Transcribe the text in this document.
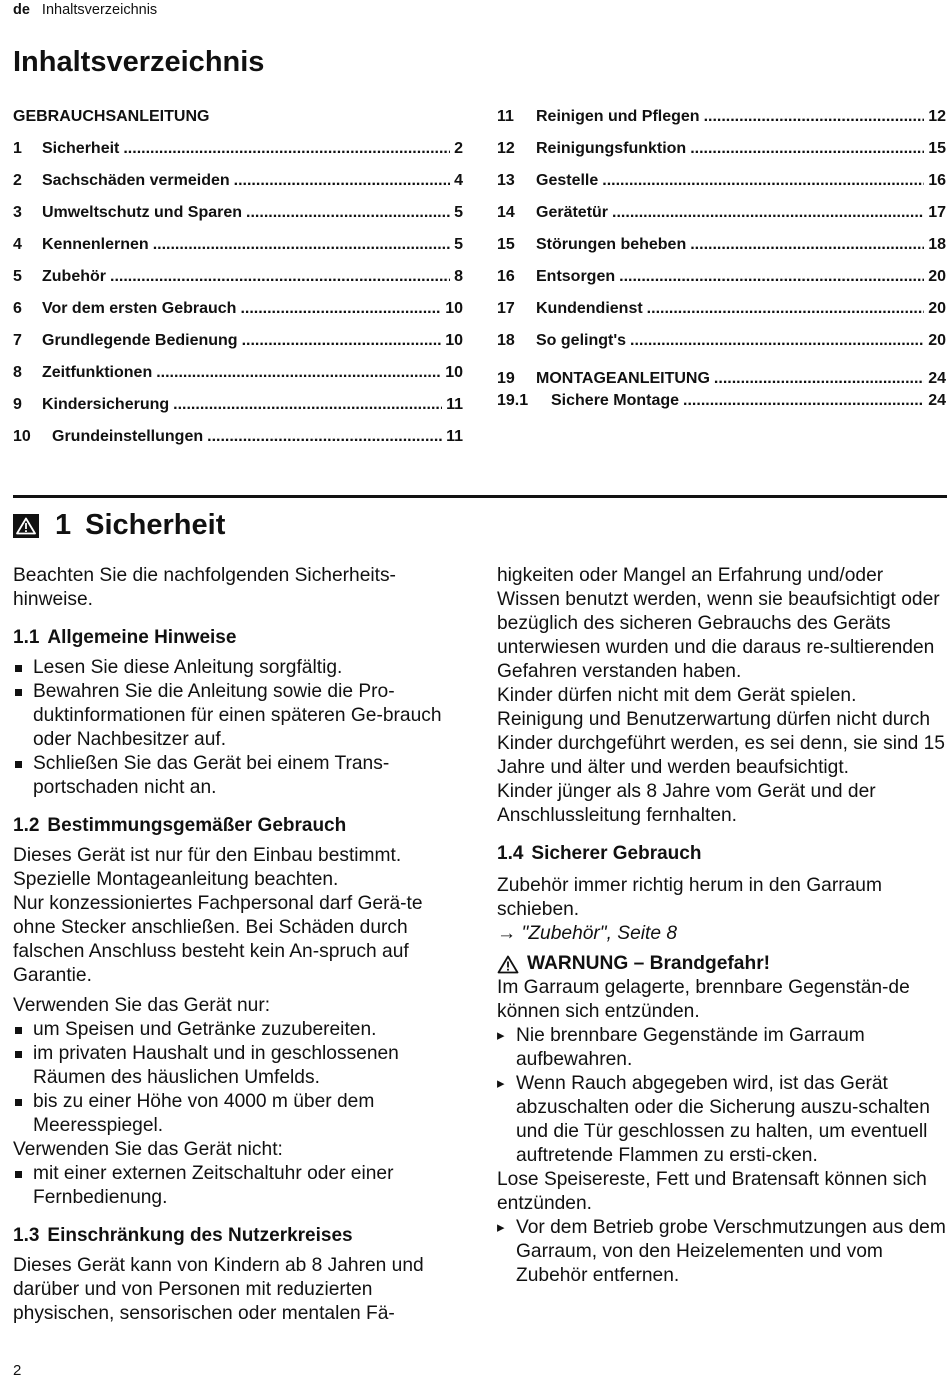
de Inhaltsverzeichnis
Inhaltsverzeichnis
GEBRAUCHSANLEITUNG
1	Sicherheit .....	2
2	Sachschäden vermeiden .....	4
3	Umweltschutz und Sparen .....	5
4	Kennenlernen .....	5
5	Zubehör .....	8
6	Vor dem ersten Gebrauch .....	10
7	Grundlegende Bedienung .....	10
8	Zeitfunktionen .....	10
9	Kindersicherung .....	11
10	Grundeinstellungen .....	11
11	Reinigen und Pflegen .....	12
12	Reinigungsfunktion .....	15
13	Gestelle .....	16
14	Gerätetür .....	17
15	Störungen beheben .....	18
16	Entsorgen .....	20
17	Kundendienst .....	20
18	So gelingt's .....	20
19	MONTAGEANLEITUNG .....	24
19.1	Sichere Montage .....	24
1 Sicherheit

Beachten Sie die nachfolgenden Sicherheits-hinweise.

1.1 Allgemeine Hinweise
Lesen Sie diese Anleitung sorgfältig.
Bewahren Sie die Anleitung sowie die Pro-duktinformationen für einen späteren Ge-brauch oder Nachbesitzer auf.
Schließen Sie das Gerät bei einem Trans-portschaden nicht an.
1.2 Bestimmungsgemäßer Gebrauch

Dieses Gerät ist nur für den Einbau bestimmt. Spezielle Montageanleitung beachten.

Nur konzessioniertes Fachpersonal darf Gerä-te ohne Stecker anschließen. Bei Schäden durch falschen Anschluss besteht kein An-spruch auf Garantie.

Verwenden Sie das Gerät nur:

um Speisen und Getränke zuzubereiten.
im privaten Haushalt und in geschlossenen Räumen des häuslichen Umfelds.
bis zu einer Höhe von 4000 m über dem Meeresspiegel.

Verwenden Sie das Gerät nicht:

mit einer externen Zeitschaltuhr oder einer Fernbedienung.
1.3 Einschränkung des Nutzerkreises

Dieses Gerät kann von Kindern ab 8 Jahren und darüber und von Personen mit reduzierten physischen, sensorischen oder mentalen Fä-

higkeiten oder Mangel an Erfahrung und/oder Wissen benutzt werden, wenn sie beaufsichtigt oder bezüglich des sicheren Gebrauchs des Geräts unterwiesen wurden und die daraus re-sultierenden Gefahren verstanden haben.

Kinder dürfen nicht mit dem Gerät spielen.

Reinigung und Benutzerwartung dürfen nicht durch Kinder durchgeführt werden, es sei denn, sie sind 15 Jahre und älter und werden beaufsichtigt.

Kinder jünger als 8 Jahre vom Gerät und der Anschlussleitung fernhalten.

1.4 Sicherer Gebrauch

Zubehör immer richtig herum in den Garraum schieben.

→ "Zubehör", Seite 8

WARNUNG – Brandgefahr!

Im Garraum gelagerte, brennbare Gegenstän-de können sich entzünden.

▸ Nie brennbare Gegenstände im Garraum aufbewahren.
▸ Wenn Rauch abgegeben wird, ist das Gerät abzuschalten oder die Sicherung auszu-schalten und die Tür geschlossen zu halten, um eventuell auftretende Flammen zu ersti-cken.

Lose Speisereste, Fett und Bratensaft können sich entzünden.

▸ Vor dem Betrieb grobe Verschmutzungen aus dem Garraum, von den Heizelementen und vom Zubehör entfernen.
2
